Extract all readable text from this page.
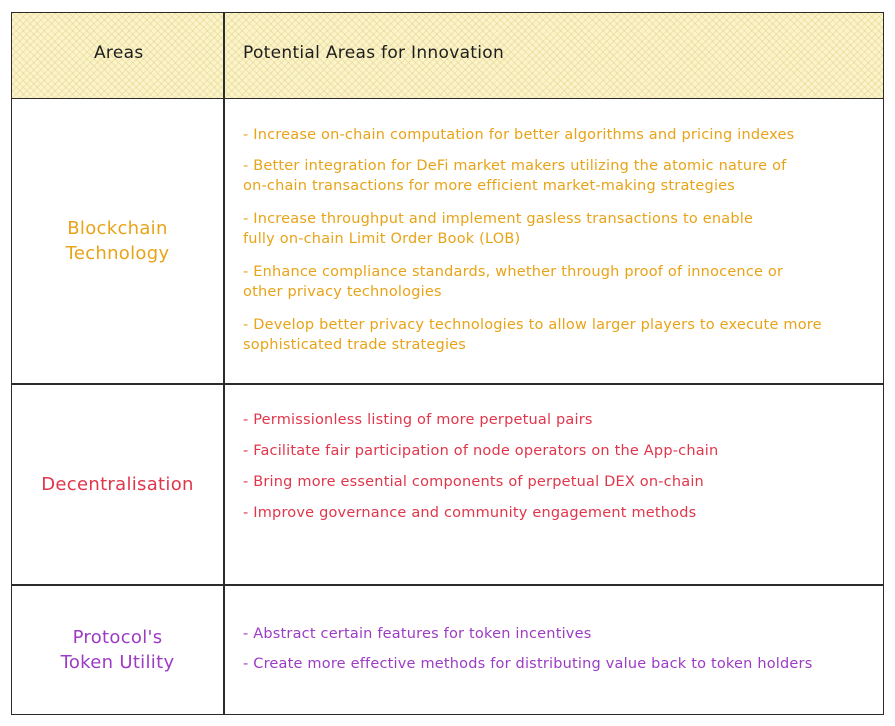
Areas	Potential Areas for Innovation
Blockchain
Technology
- Increase on-chain computation for better algorithms and pricing indexes
- Better integration for DeFi market makers utilizing the atomic nature of
on-chain transactions for more efficient market-making strategies
- Increase throughput and implement gasless transactions to enable
fully on-chain Limit Order Book (LOB)
- Enhance compliance standards, whether through proof of innocence or
other privacy technologies
- Develop better privacy technologies to allow larger players to execute more
sophisticated trade strategies
Decentralisation
- Permissionless listing of more perpetual pairs
- Facilitate fair participation of node operators on the App-chain
- Bring more essential components of perpetual DEX on-chain
- Improve governance and community engagement methods
Protocol's
Token Utility
- Abstract certain features for token incentives
- Create more effective methods for distributing value back to token holders
